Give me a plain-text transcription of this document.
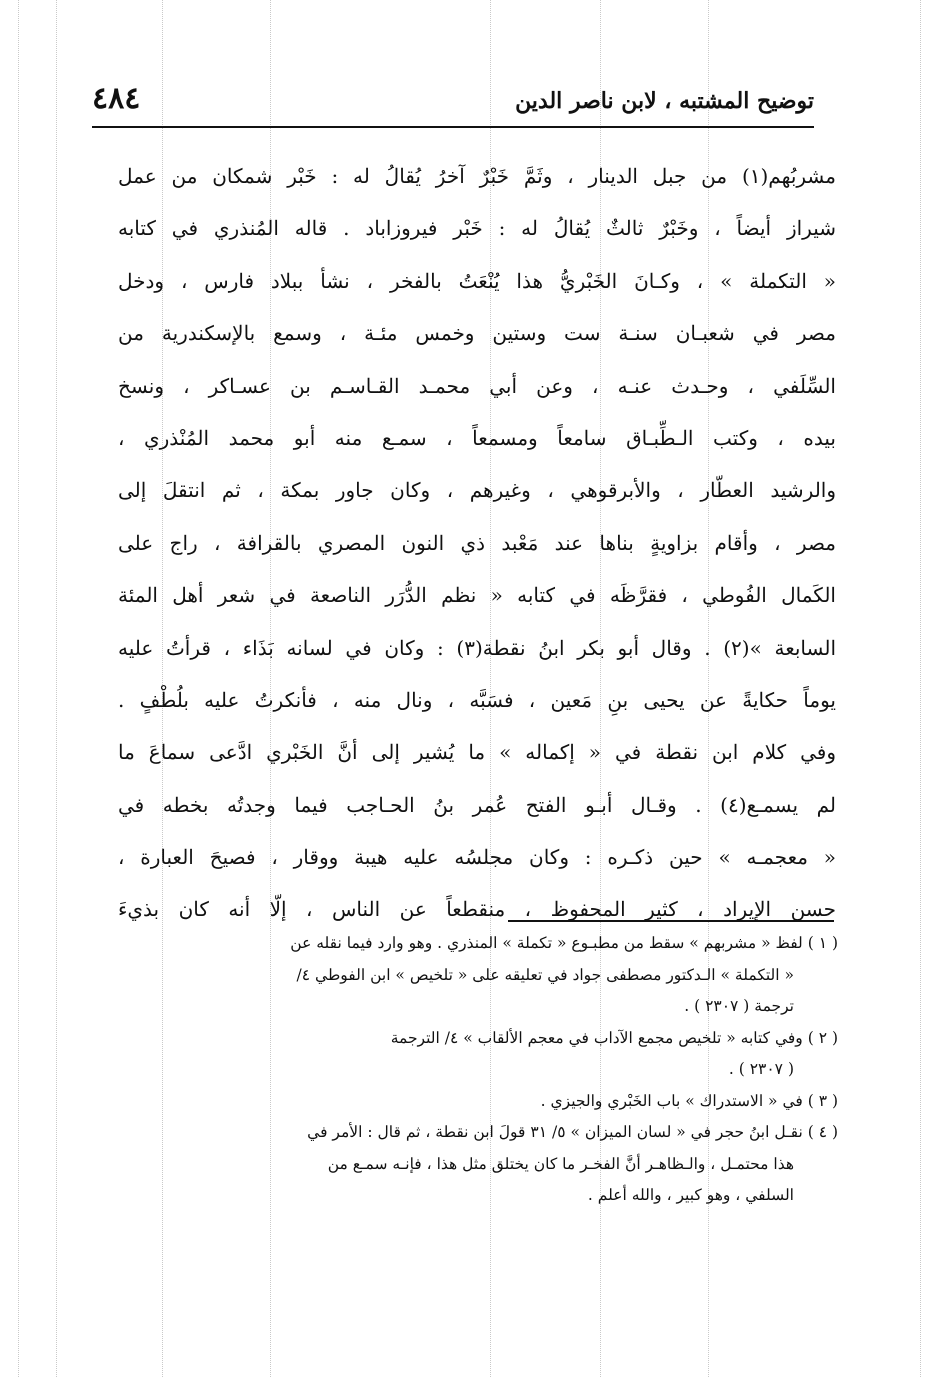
٤٨٤	توضيح المشتبه ، لابن ناصر الدين
مشربُهم(١) من جبل الدينار ، وثَمَّ خَبْرٌ آخرُ يُقالُ له : خَبْر شمكان من عمل
شيراز أيضاً ، وخَبْرٌ ثالثٌ يُقالُ له : خَبْر فيروزاباد . قاله المُنذري في كتابه
« التكملة » ، وكـانَ الخَبْريُّ هذا يُنْعَتُ بالفخر ، نشأ ببلاد فارس ، ودخل
مصر في شعبـان سنـة ست وستين وخمس مئـة ، وسمع بالإسكندرية من
السِّلَفي ، وحـدث عنـه ، وعن أبي محمـد القـاسـم بن عسـاكر ، ونسخ
بيده ، وكتب الـطِّبـاق سامعاً ومسمعاً ، سمـع منه أبو محمد المُنْذري ،
والرشيد العطّار ، والأبرقوهي ، وغيرهم ، وكان جاور بمكة ، ثم انتقلَ إلى
مصر ، وأقام بزاويةٍ بناها عند مَعْبد ذي النون المصري بالقرافة ، راج على
الكَمال الفُوطي ، فقرَّظَه في كتابه « نظم الدُّرَر الناصعة في شعر أهل المئة
السابعة »(٢) . وقال أبو بكر ابنُ نقطة(٣) : وكان في لسانه بَذَاء ، قرأتُ عليه
يوماً حكايةً عن يحيى بنِ مَعين ، فسَبَّه ، ونال منه ، فأنكرتُ عليه بلُطْفٍ .
وفي كلام ابن نقطة في « إكماله » ما يُشير إلى أنَّ الخَبْري ادَّعى سماعَ ما
لم يسمـع(٤) . وقـال أبـو الفتح عُمر بنُ الحـاجب فيما وجدتُه بخطه في
« معجمـه » حين ذكـره : وكان مجلسُه عليه هيبة ووقار ، فصيحَ العبارة ،
حسن الإيراد ، كثير المحفوظ ، منقطعاً عن الناس ، إلّا أنه كان بذيءَ
( ١ ) لفظ « مشربهم » سقط من مطبـوع « تكملة » المنذري . وهو وارد فيما نقله عن
« التكملة » الـدكتور مصطفى جواد في تعليقه على « تلخيص » ابن الفوطي ٤/
ترجمة ( ٢٣٠٧ ) .
( ٢ ) وفي كتابه « تلخيص مجمع الآداب في معجم الألقاب » ٤/ الترجمة
( ٢٣٠٧ ) .
( ٣ ) في « الاستدراك » باب الخَبْري والجيزي .
( ٤ ) نقـل ابنُ حجر في « لسان الميزان » ٥/ ٣١ قولَ ابن نقطة ، ثم قال : الأمر في
هذا محتمـل ، والـظاهـر أنَّ الفخـر ما كان يختلق مثل هذا ، فإنـه سمـع من
السلفي ، وهو كبير ، والله أعلم .
